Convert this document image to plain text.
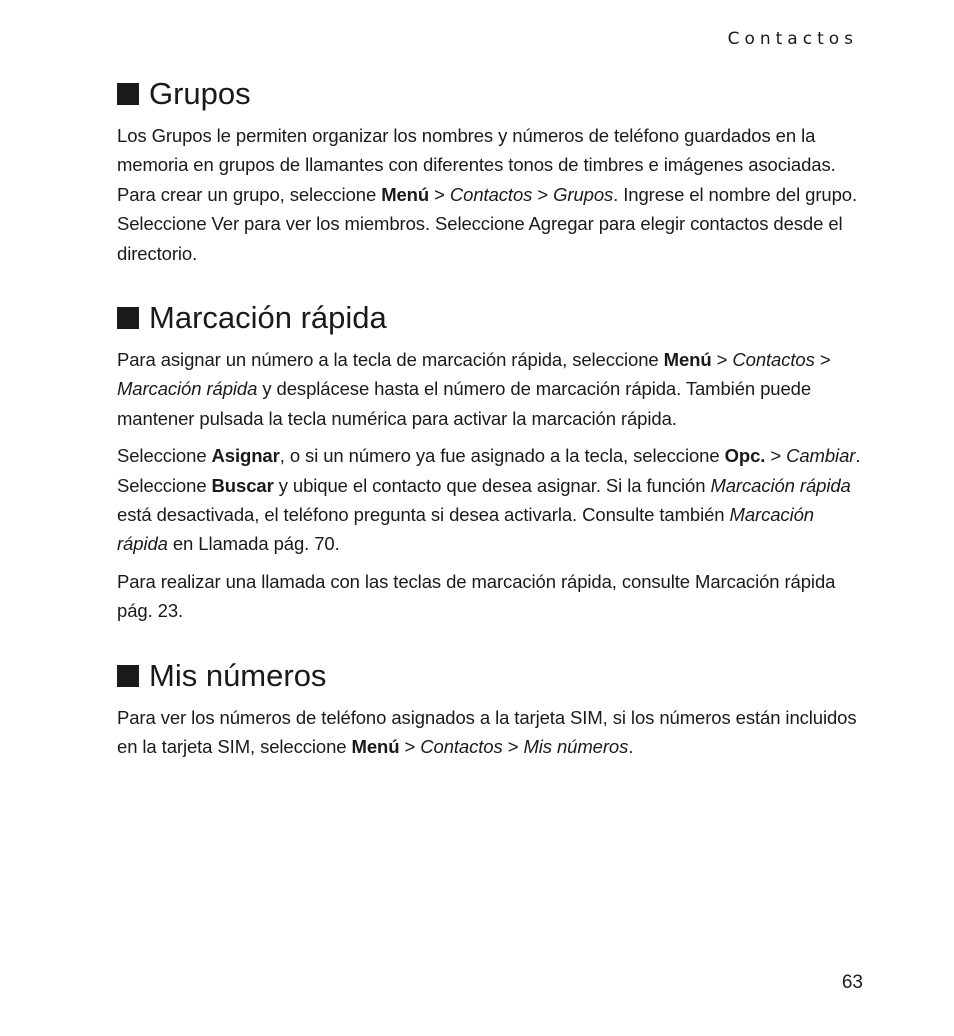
Contactos
Grupos

Los Grupos le permiten organizar los nombres y números de teléfono guardados en la memoria en grupos de llamantes con diferentes tonos de timbres e imágenes asociadas. Para crear un grupo, seleccione Menú > Contactos > Grupos. Ingrese el nombre del grupo. Seleccione Ver para ver los miembros. Seleccione Agregar para elegir contactos desde el directorio.

Marcación rápida

Para asignar un número a la tecla de marcación rápida, seleccione Menú > Contactos > Marcación rápida y desplácese hasta el número de marcación rápida. También puede mantener pulsada la tecla numérica para activar la marcación rápida.

Seleccione Asignar, o si un número ya fue asignado a la tecla, seleccione Opc. > Cambiar. Seleccione Buscar y ubique el contacto que desea asignar. Si la función Marcación rápida está desactivada, el teléfono pregunta si desea activarla. Consulte también Marcación rápida en Llamada pág. 70.

Para realizar una llamada con las teclas de marcación rápida, consulte Marcación rápida pág. 23.

Mis números

Para ver los números de teléfono asignados a la tarjeta SIM, si los números están incluidos en la tarjeta SIM, seleccione Menú > Contactos > Mis números.

63
